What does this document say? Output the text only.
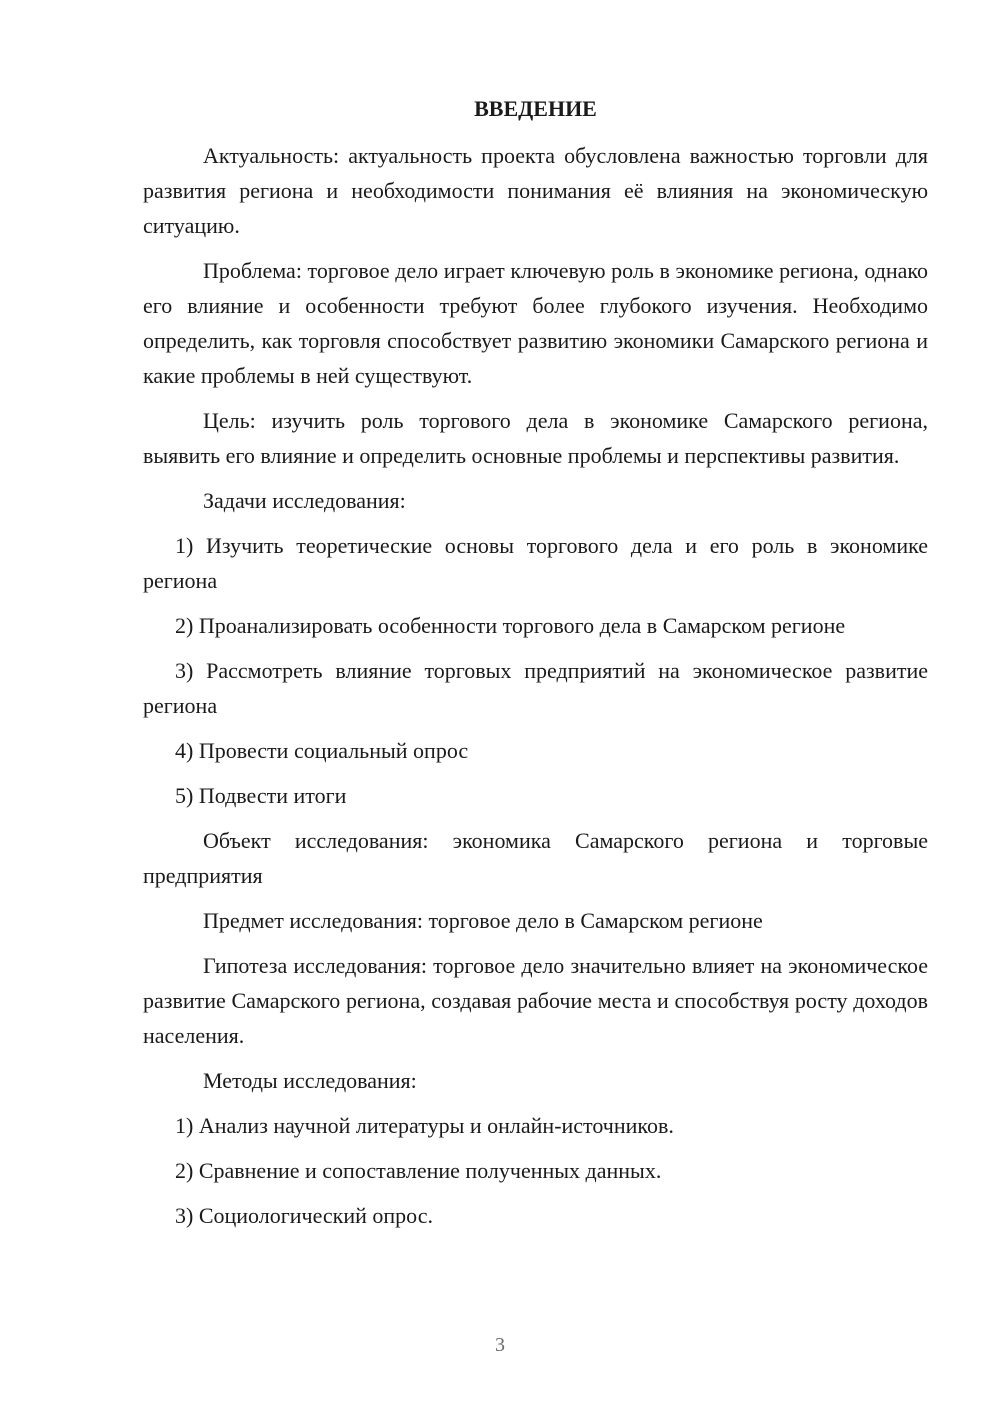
ВВЕДЕНИЕ

Актуальность: актуальность проекта обусловлена важностью торговли для развития региона и необходимости понимания её влияния на экономическую ситуацию.

Проблема: торговое дело играет ключевую роль в экономике региона, однако его влияние и особенности требуют более глубокого изучения. Необходимо определить, как торговля способствует развитию экономики Самарского региона и какие проблемы в ней существуют.

Цель: изучить роль торгового дела в экономике Самарского региона, выявить его влияние и определить основные проблемы и перспективы развития.

Задачи исследования:

1) Изучить теоретические основы торгового дела и его роль в экономике региона

2) Проанализировать особенности торгового дела в Самарском регионе

3) Рассмотреть влияние торговых предприятий на экономическое развитие региона

4) Провести социальный опрос

5) Подвести итоги

Объект исследования: экономика Самарского региона и торговые предприятия

Предмет исследования: торговое дело в Самарском регионе

Гипотеза исследования: торговое дело значительно влияет на экономическое развитие Самарского региона, создавая рабочие места и способствуя росту доходов населения.

Методы исследования:

1) Анализ научной литературы и онлайн-источников.

2) Сравнение и сопоставление полученных данных.

3) Социологический опрос.

3
